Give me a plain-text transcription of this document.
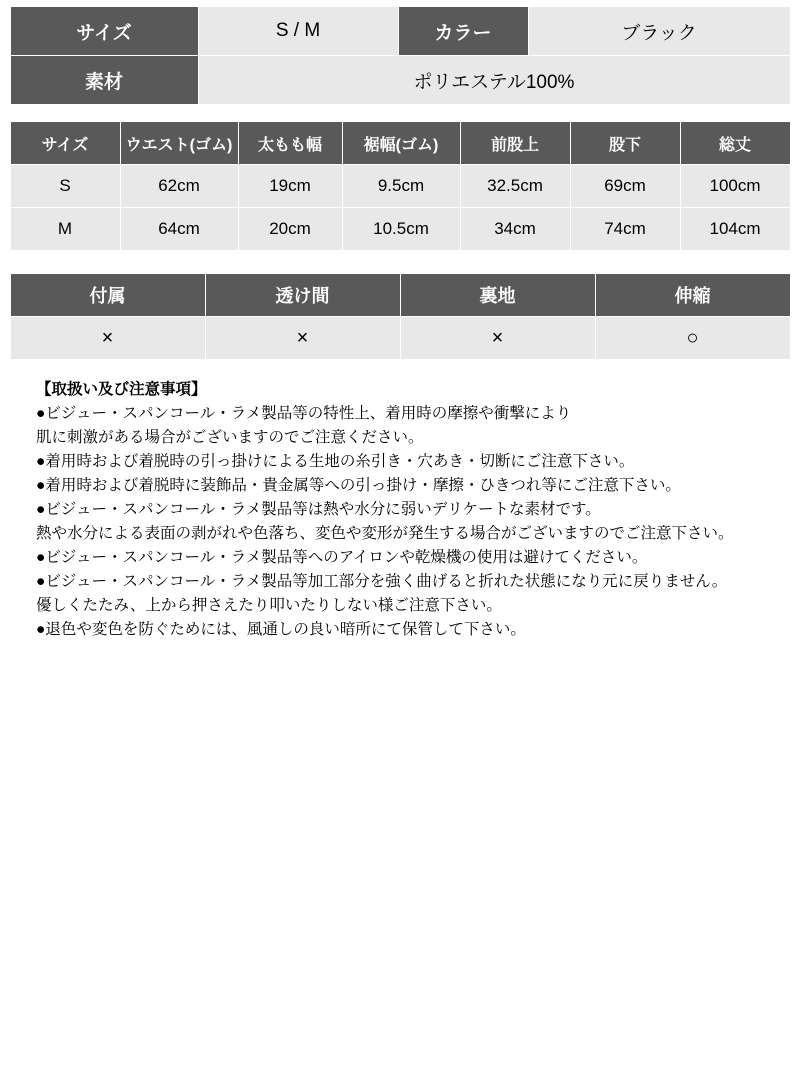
サイズ	S / M	カラー	ブラック
素材	ポリエステル100%		
サイズ	ウエスト(ゴム)	太もも幅	裾幅(ゴム)	前股上	股下	総丈
S	62cm	19cm	9.5cm	32.5cm	69cm	100cm
M	64cm	20cm	10.5cm	34cm	74cm	104cm
付属	透け間	裏地	伸縮
×	×	×	○
【取扱い及び注意事項】
●ビジュー・スパンコール・ラメ製品等の特性上、着用時の摩擦や衝撃により
肌に刺激がある場合がございますのでご注意ください。
●着用時および着脱時の引っ掛けによる生地の糸引き・穴あき・切断にご注意下さい。
●着用時および着脱時に装飾品・貴金属等への引っ掛け・摩擦・ひきつれ等にご注意下さい。
●ビジュー・スパンコール・ラメ製品等は熱や水分に弱いデリケートな素材です。
熱や水分による表面の剥がれや色落ち、変色や変形が発生する場合がございますのでご注意下さい。
●ビジュー・スパンコール・ラメ製品等へのアイロンや乾燥機の使用は避けてください。
●ビジュー・スパンコール・ラメ製品等加工部分を強く曲げると折れた状態になり元に戻りません。
優しくたたみ、上から押さえたり叩いたりしない様ご注意下さい。
●退色や変色を防ぐためには、風通しの良い暗所にて保管して下さい。
